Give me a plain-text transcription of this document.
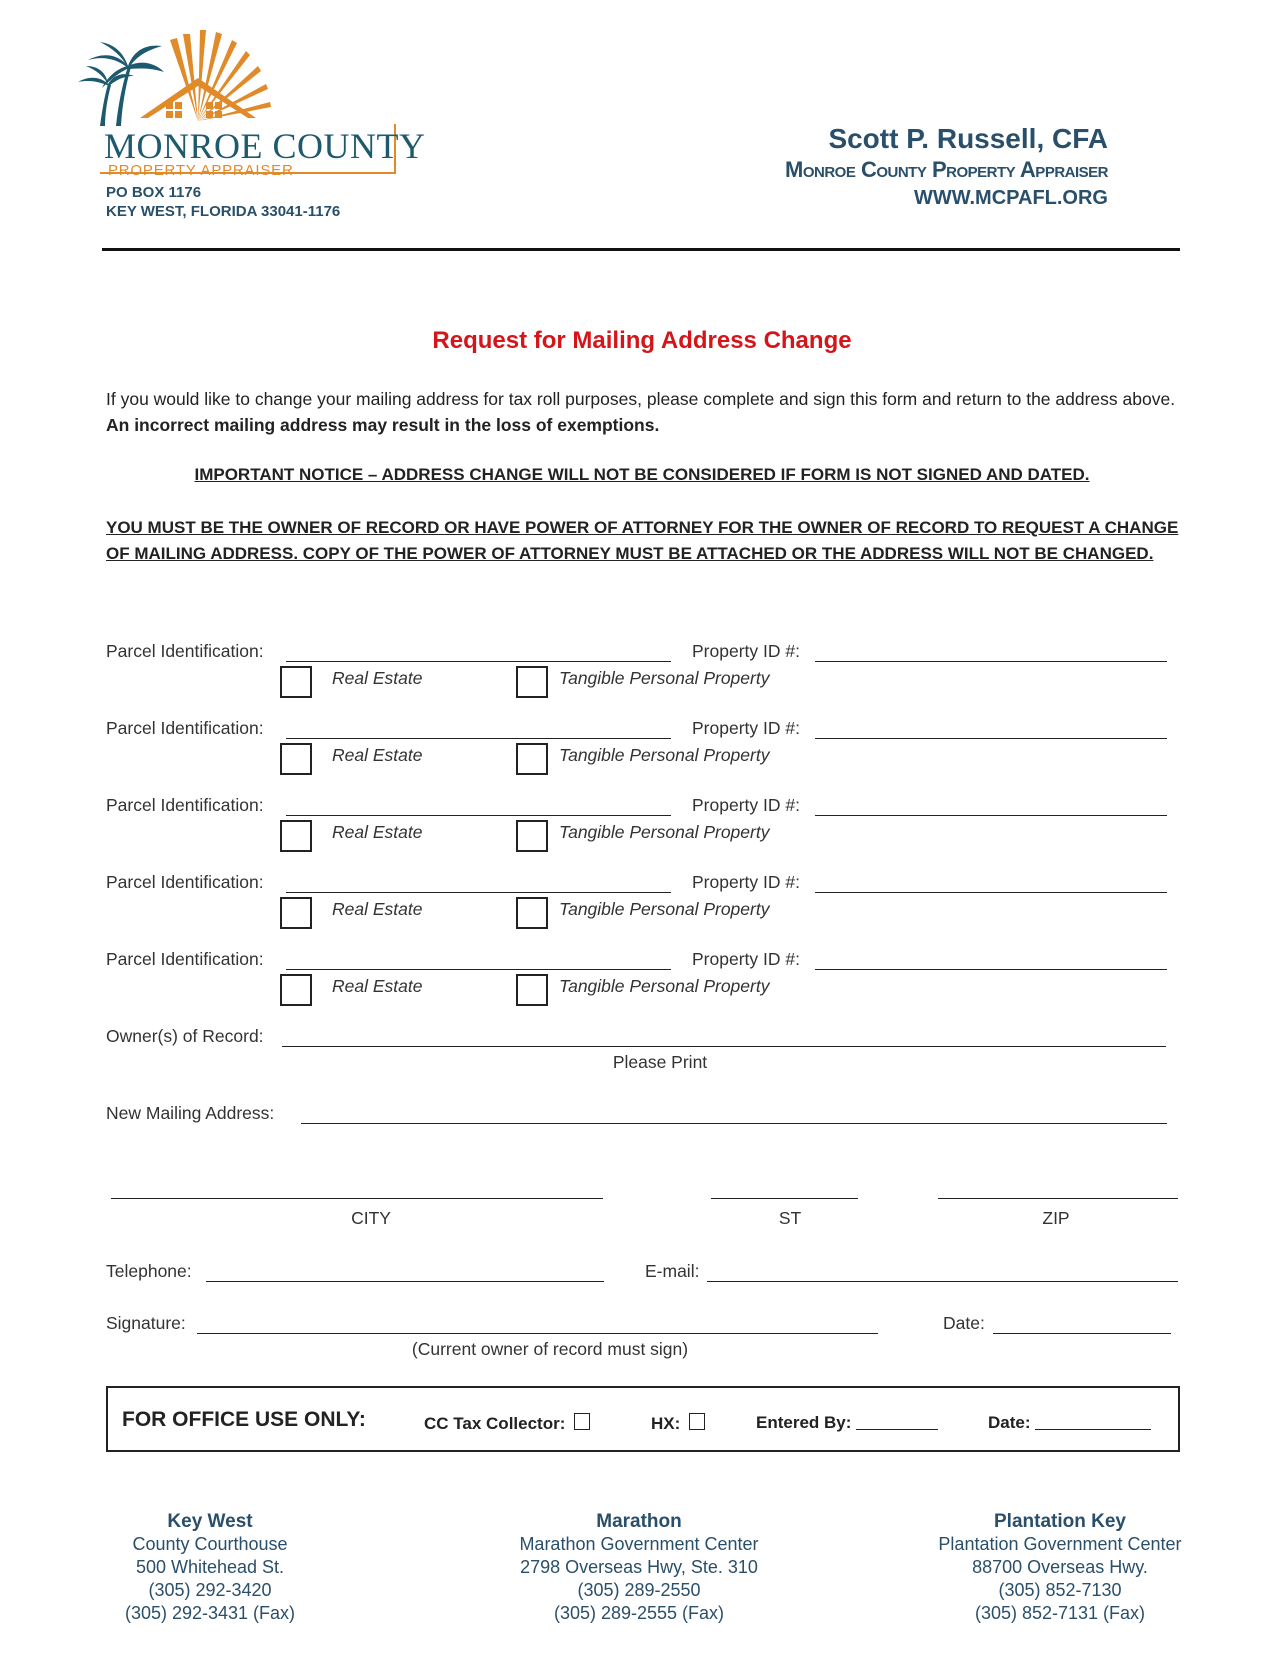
MONROE COUNTY
PROPERTY APPRAISER
PO BOX 1176
KEY WEST, FLORIDA 33041-1176
Scott P. Russell, CFA
Monroe County Property Appraiser
WWW.MCPAFL.ORG
Request for Mailing Address Change
If you would like to change your mailing address for tax roll purposes, please complete and sign this form and return to the address above.  An incorrect mailing address may result in the loss of exemptions.
IMPORTANT NOTICE – ADDRESS CHANGE WILL NOT BE CONSIDERED IF FORM IS NOT SIGNED AND DATED.
YOU MUST BE THE OWNER OF RECORD OR HAVE POWER OF ATTORNEY FOR THE OWNER OF RECORD TO REQUEST A CHANGE OF MAILING ADDRESS. COPY OF THE POWER OF ATTORNEY MUST BE ATTACHED OR THE ADDRESS WILL NOT BE CHANGED.
Parcel Identification:	Property ID #:
Real Estate	Tangible Personal Property
Parcel Identification:	Property ID #:
Real Estate	Tangible Personal Property
Parcel Identification:	Property ID #:
Real Estate	Tangible Personal Property
Parcel Identification:	Property ID #:
Real Estate	Tangible Personal Property
Parcel Identification:	Property ID #:
Real Estate	Tangible Personal Property
Owner(s) of Record:
Please Print
New Mailing Address:
CITY	ST	ZIP
Telephone:	E-mail:
Signature:
(Current owner of record must sign)
Date:
FOR OFFICE USE ONLY:	CC Tax Collector:	HX:	Entered By:	Date:
Key West
County Courthouse
500 Whitehead St.
(305) 292-3420
(305) 292-3431 (Fax)
Marathon
Marathon Government Center
2798 Overseas Hwy, Ste. 310
(305) 289-2550
(305) 289-2555 (Fax)
Plantation Key
Plantation Government Center
88700 Overseas Hwy.
(305) 852-7130
(305) 852-7131 (Fax)
